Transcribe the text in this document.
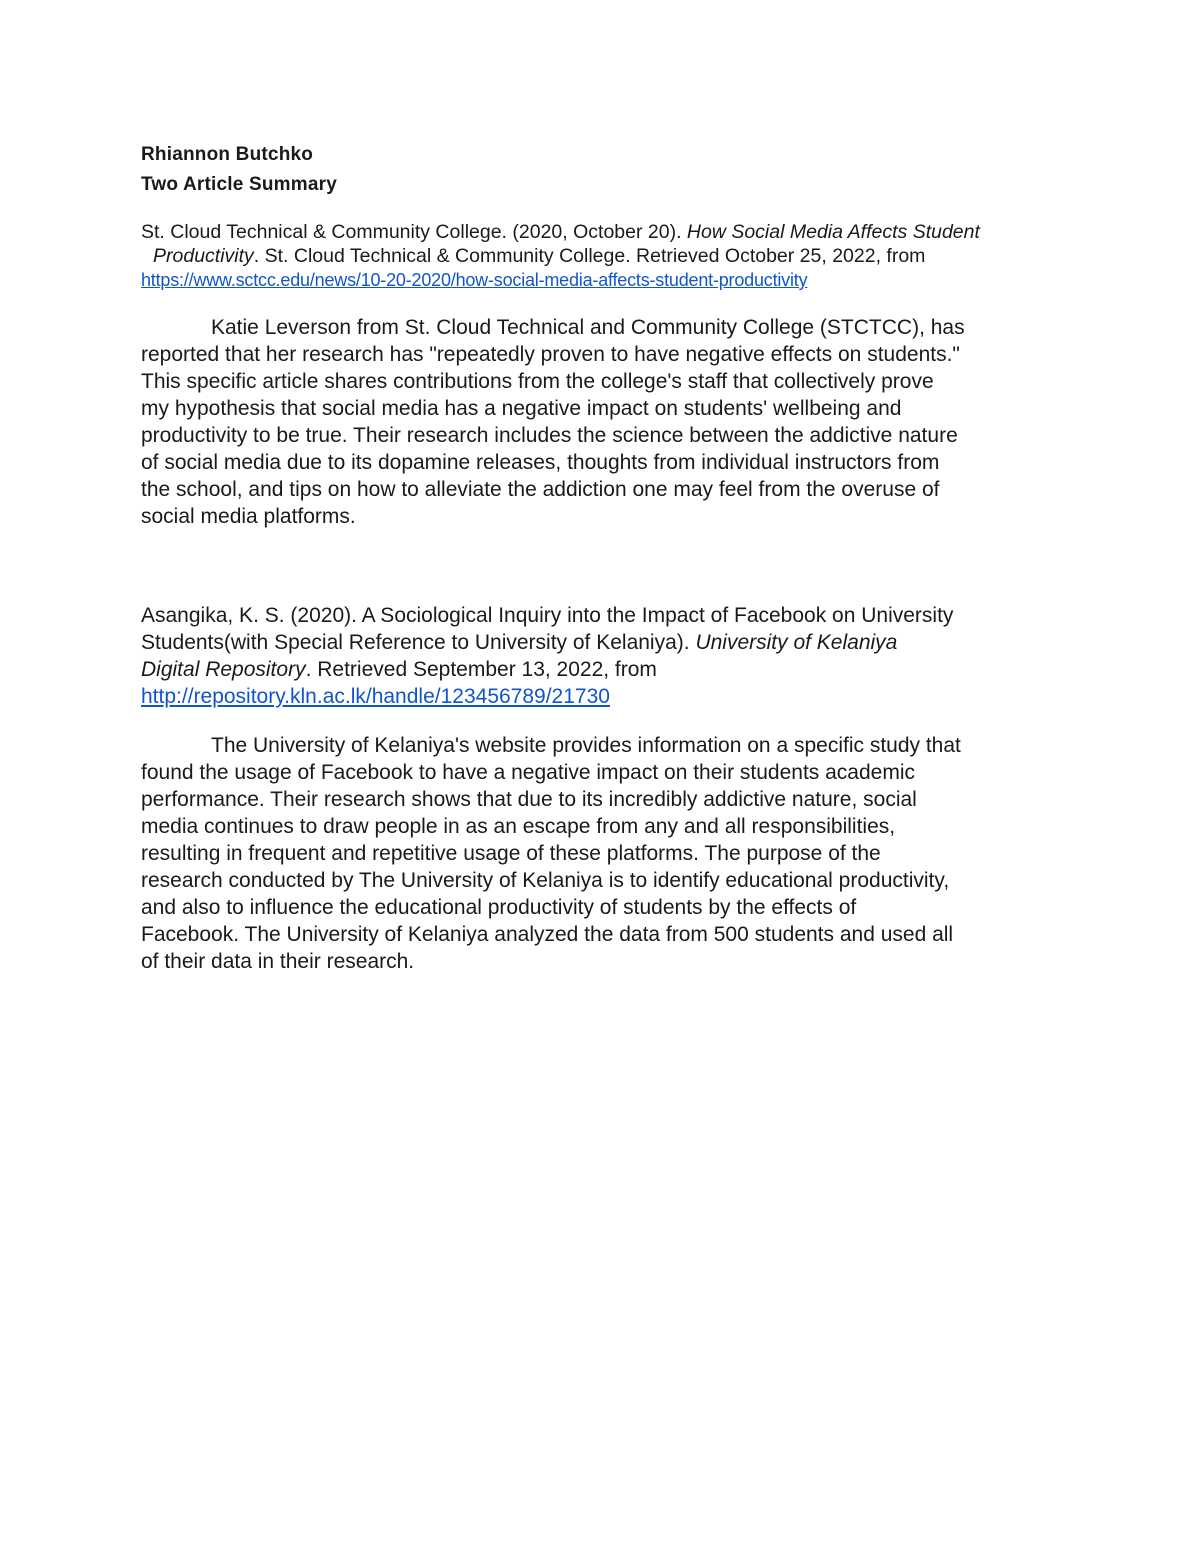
Rhiannon Butchko
Two Article Summary
St. Cloud Technical & Community College. (2020, October 20). How Social Media Affects Student
Productivity. St. Cloud Technical & Community College. Retrieved October 25, 2022, from
https://www.sctcc.edu/news/10-20-2020/how-social-media-affects-student-productivity
Katie Leverson from St. Cloud Technical and Community College (STCTCC), has
reported that her research has "repeatedly proven to have negative effects on students."
This specific article shares contributions from the college's staff that collectively prove
my hypothesis that social media has a negative impact on students' wellbeing and
productivity to be true. Their research includes the science between the addictive nature
of social media due to its dopamine releases, thoughts from individual instructors from
the school, and tips on how to alleviate the addiction one may feel from the overuse of
social media platforms.
Asangika, K. S. (2020). A Sociological Inquiry into the Impact of Facebook on University
Students(with Special Reference to University of Kelaniya). University of Kelaniya
Digital Repository. Retrieved September 13, 2022, from
http://repository.kln.ac.lk/handle/123456789/21730
The University of Kelaniya's website provides information on a specific study that
found the usage of Facebook to have a negative impact on their students academic
performance. Their research shows that due to its incredibly addictive nature, social
media continues to draw people in as an escape from any and all responsibilities,
resulting in frequent and repetitive usage of these platforms. The purpose of the
research conducted by The University of Kelaniya is to identify educational productivity,
and also to influence the educational productivity of students by the effects of
Facebook. The University of Kelaniya analyzed the data from 500 students and used all
of their data in their research.
